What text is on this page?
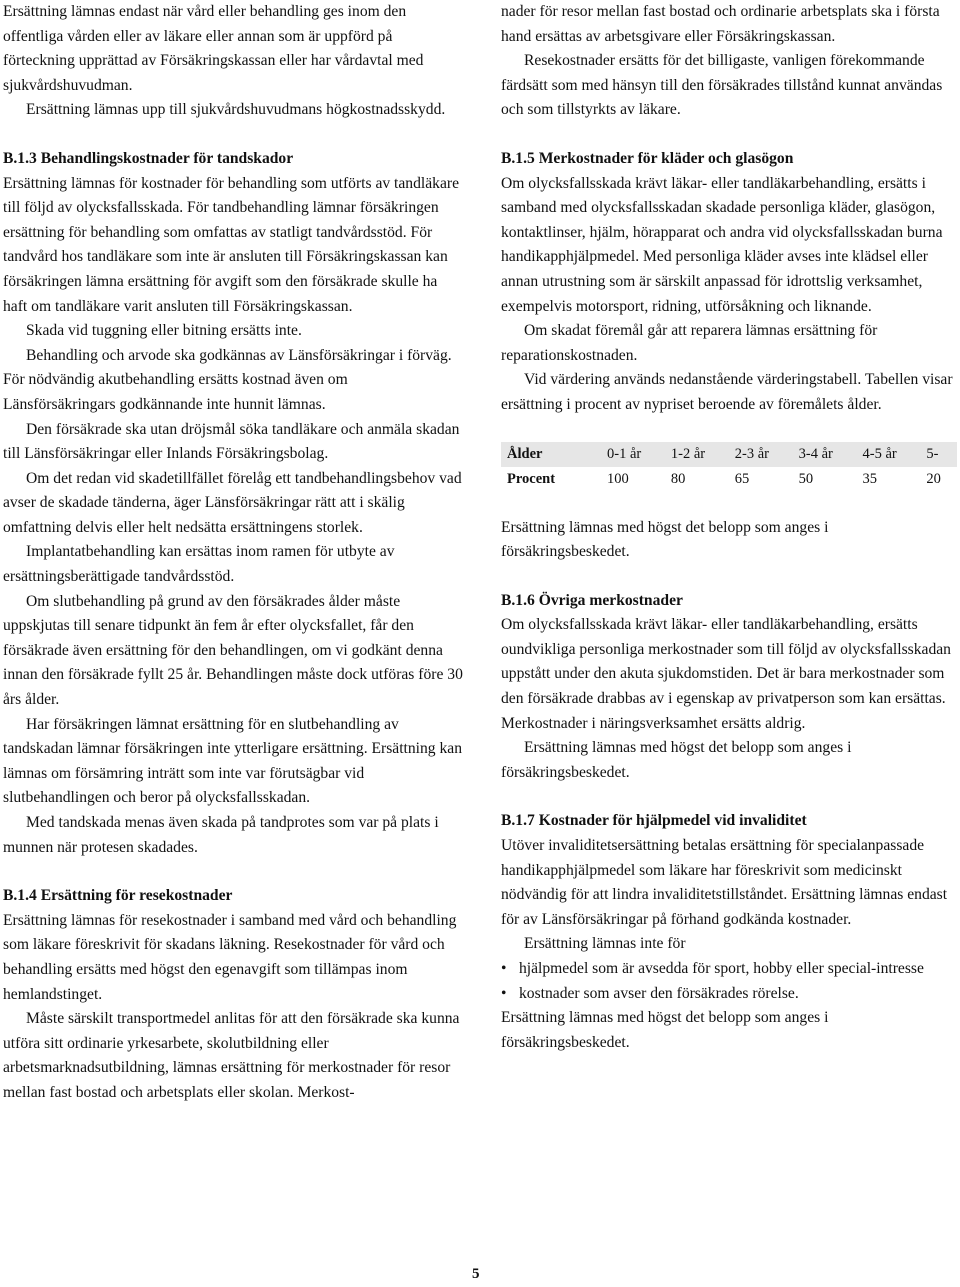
Ersättning lämnas endast när vård eller behandling ges inom den offentliga vården eller av läkare eller annan som är uppförd på förteckning upprättad av Försäkringskassan eller har vårdavtal med sjukvårdshuvudman.

Ersättning lämnas upp till sjukvårdshuvudmans högkostnadsskydd.

B.1.3 Behandlingskostnader för tandskador

Ersättning lämnas för kostnader för behandling som utförts av tandläkare till följd av olycksfallsskada. För tandbehandling lämnar försäkringen ersättning för behandling som omfattas av statligt tandvårdsstöd. För tandvård hos tandläkare som inte är ansluten till Försäkringskassan kan försäkringen lämna ersättning för avgift som den försäkrade skulle ha haft om tandläkare varit ansluten till Försäkringskassan.

Skada vid tuggning eller bitning ersätts inte.

Behandling och arvode ska godkännas av Länsförsäkringar i förväg. För nödvändig akutbehandling ersätts kostnad även om Länsförsäkringars godkännande inte hunnit lämnas.

Den försäkrade ska utan dröjsmål söka tandläkare och anmäla skadan till Länsförsäkringar eller Inlands Försäkringsbolag.

Om det redan vid skadetillfället förelåg ett tandbehandlingsbehov vad avser de skadade tänderna, äger Länsförsäkringar rätt att i skälig omfattning delvis eller helt nedsätta ersättningens storlek.

Implantatbehandling kan ersättas inom ramen för utbyte av ersättningsberättigade tandvårdsstöd.

Om slutbehandling på grund av den försäkrades ålder måste uppskjutas till senare tidpunkt än fem år efter olycksfallet, får den försäkrade även ersättning för den behandlingen, om vi godkänt denna innan den försäkrade fyllt 25 år. Behandlingen måste dock utföras före 30 års ålder.

Har försäkringen lämnat ersättning för en slutbehandling av tandskadan lämnar försäkringen inte ytterligare ersättning. Ersättning kan lämnas om försämring inträtt som inte var förutsägbar vid slutbehandlingen och beror på olycksfallsskadan.

Med tandskada menas även skada på tandprotes som var på plats i munnen när protesen skadades.

B.1.4 Ersättning för resekostnader

Ersättning lämnas för resekostnader i samband med vård och behandling som läkare föreskrivit för skadans läkning. Resekostnader för vård och behandling ersätts med högst den egenavgift som tillämpas inom hemlandstinget.

Måste särskilt transportmedel anlitas för att den försäkrade ska kunna utföra sitt ordinarie yrkesarbete, skolutbildning eller arbetsmarknadsutbildning, lämnas ersättning för merkostnader för resor mellan fast bostad och arbetsplats eller skolan. Merkost-

nader för resor mellan fast bostad och ordinarie arbetsplats ska i första hand ersättas av arbetsgivare eller Försäkringskassan.

Resekostnader ersätts för det billigaste, vanligen förekommande färdsätt som med hänsyn till den försäkrades tillstånd kunnat användas och som tillstyrkts av läkare.

B.1.5 Merkostnader för kläder och glasögon

Om olycksfallsskada krävt läkar- eller tandläkarbehandling, ersätts i samband med olycksfallsskadan skadade personliga kläder, glasögon, kontaktlinser, hjälm, hörapparat och andra vid olycksfallsskadan burna handikapphjälpmedel. Med personliga kläder avses inte klädsel eller annan utrustning som är särskilt anpassad för idrottslig verksamhet, exempelvis motorsport, ridning, utförsåkning och liknande.

Om skadat föremål går att reparera lämnas ersättning för reparationskostnaden.

Vid värdering används nedanstående värderingstabell. Tabellen visar ersättning i procent av nypriset beroende av föremålets ålder.

Ålder	0-1 år	1-2 år	2-3 år	3-4 år	4-5 år	5-
Procent	100	80	65	50	35	20

Ersättning lämnas med högst det belopp som anges i försäkringsbeskedet.

B.1.6 Övriga merkostnader

Om olycksfallsskada krävt läkar- eller tandläkarbehandling, ersätts oundvikliga personliga merkostnader som till följd av olycksfallsskadan uppstått under den akuta sjukdomstiden. Det är bara merkostnader som den försäkrade drabbas av i egenskap av privatperson som kan ersättas. Merkostnader i näringsverksamhet ersätts aldrig.

Ersättning lämnas med högst det belopp som anges i försäkringsbeskedet.

B.1.7 Kostnader för hjälpmedel vid invaliditet

Utöver invaliditetsersättning betalas ersättning för specialanpassade handikapphjälpmedel som läkare har föreskrivit som medicinskt nödvändig för att lindra invaliditetstillståndet. Ersättning lämnas endast för av Länsförsäkringar på förhand godkända kostnader.

Ersättning lämnas inte för

• hjälpmedel som är avsedda för sport, hobby eller special-intresse
• kostnader som avser den försäkrades rörelse.

Ersättning lämnas med högst det belopp som anges i försäkringsbeskedet.

5
